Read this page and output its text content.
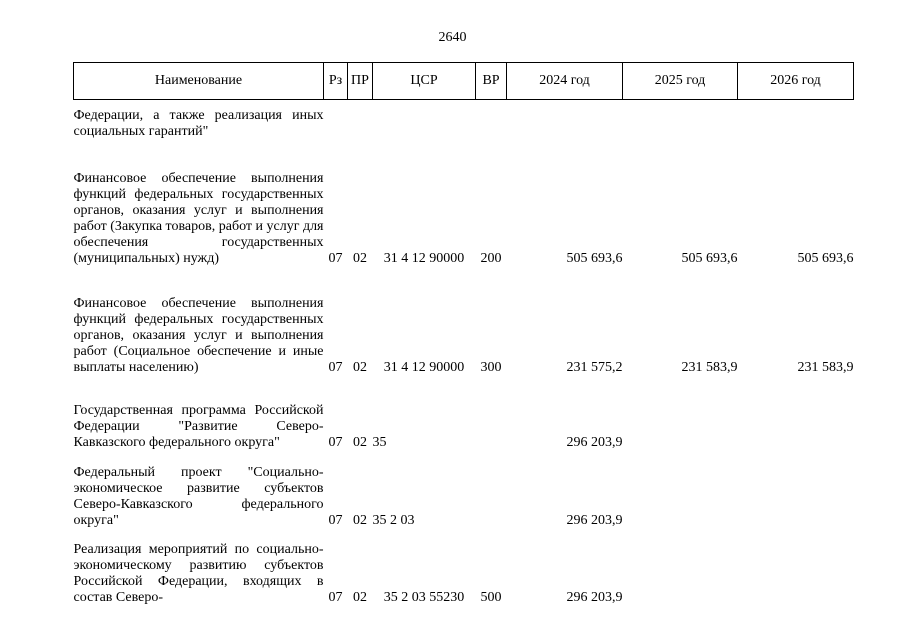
2640
Наименование	Рз	ПР	ЦСР	ВР	2024 год	2025 год	2026 год

Федерации, а также реализация иных социальных гарантий"							

Финансовое обеспечение выполнения функций федеральных государственных органов, оказания услуг и выполнения работ (Закупка товаров, работ и услуг для обеспечения государственных (муниципальных) нужд)	07	02	31 4 12 90000	200	505 693,6	505 693,6	505 693,6

Финансовое обеспечение выполнения функций федеральных государственных органов, оказания услуг и выполнения работ (Социальное обеспечение и иные выплаты населению)	07	02	31 4 12 90000	300	231 575,2	231 583,9	231 583,9

Государственная программа Российской Федерации "Развитие Северо-Кавказского федерального округа"	07	02	35		296 203,9		

Федеральный проект "Социально-экономическое развитие субъектов Северо-Кавказского федерального округа"	07	02	35 2 03		296 203,9		

Реализация мероприятий по социально-экономическому развитию субъектов Российской Федерации, входящих в состав Северо-	07	02	35 2 03 55230	500	296 203,9		
